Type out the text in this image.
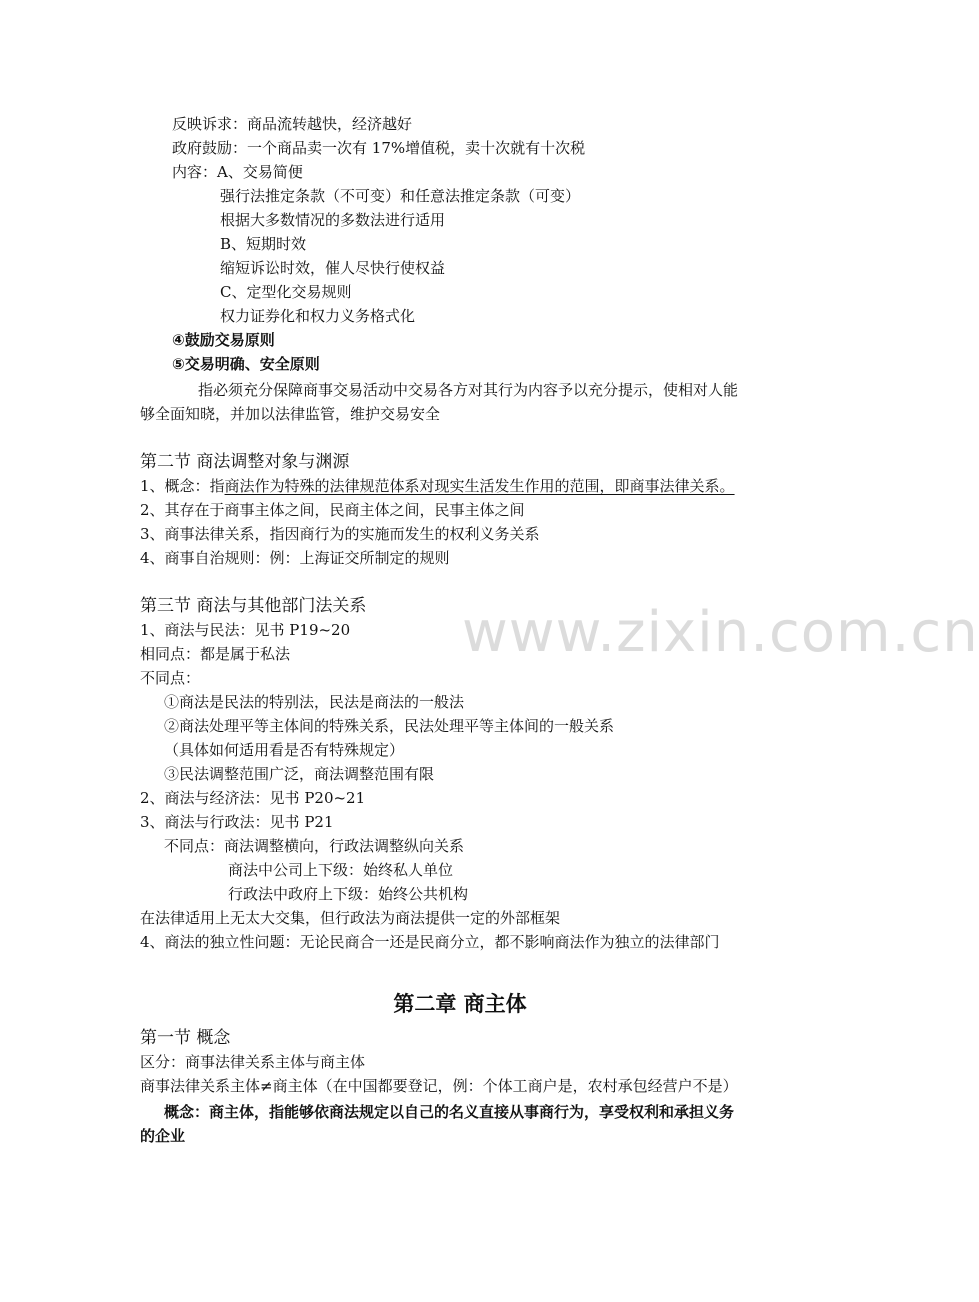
www.zixin.com.cn
反映诉求：商品流转越快，经济越好
政府鼓励：一个商品卖一次有 17%增值税，卖十次就有十次税
内容：A、交易简便
强行法推定条款（不可变）和任意法推定条款（可变）
根据大多数情况的多数法进行适用
B、短期时效
缩短诉讼时效，催人尽快行使权益
C、定型化交易规则
权力证券化和权力义务格式化
④鼓励交易原则
⑤交易明确、安全原则
指必须充分保障商事交易活动中交易各方对其行为内容予以充分提示，使相对人能
够全面知晓，并加以法律监管，维护交易安全
第二节 商法调整对象与渊源
1、概念：指商法作为特殊的法律规范体系对现实生活发生作用的范围，即商事法律关系。
2、其存在于商事主体之间，民商主体之间，民事主体之间
3、商事法律关系，指因商行为的实施而发生的权利义务关系
4、商事自治规则：例：上海证交所制定的规则
第三节 商法与其他部门法关系
1、商法与民法：见书 P19~20
相同点：都是属于私法
不同点：
①商法是民法的特别法，民法是商法的一般法
②商法处理平等主体间的特殊关系，民法处理平等主体间的一般关系
（具体如何适用看是否有特殊规定）
③民法调整范围广泛，商法调整范围有限
2、商法与经济法：见书 P20~21
3、商法与行政法：见书 P21
不同点：商法调整横向，行政法调整纵向关系
商法中公司上下级：始终私人单位
行政法中政府上下级：始终公共机构
在法律适用上无太大交集，但行政法为商法提供一定的外部框架
4、商法的独立性问题：无论民商合一还是民商分立，都不影响商法作为独立的法律部门
第二章 商主体
第一节 概念
区分：商事法律关系主体与商主体
商事法律关系主体≠商主体（在中国都要登记，例：个体工商户是，农村承包经营户不是）
概念：商主体，指能够依商法规定以自己的名义直接从事商行为，享受权利和承担义务
的企业
